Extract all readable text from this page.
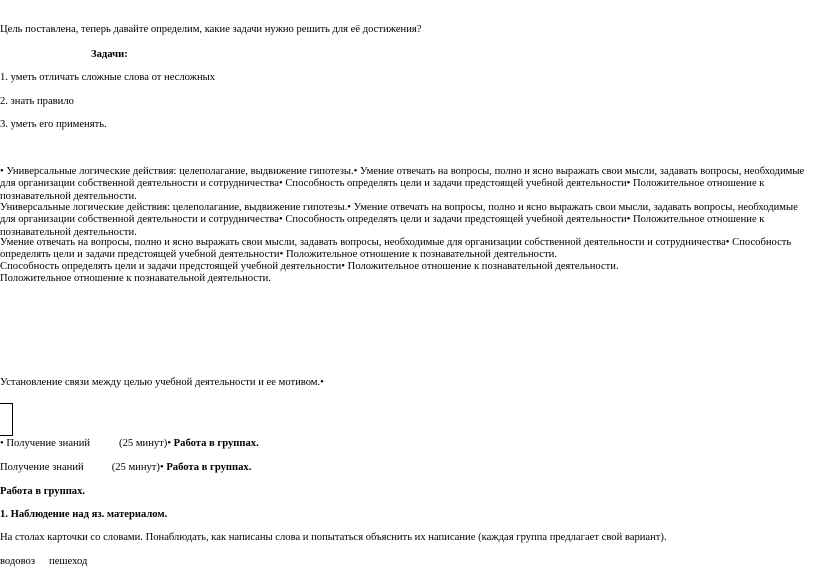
Цель поставлена, теперь давайте определим, какие задачи нужно решить для её достижения?
Задачи:
1. уметь отличать сложные слова от несложных
2. знать правило
3. уметь его применять.
• Универсальные логические действия: целеполагание, выдвижение гипотезы.• Умение отвечать на вопросы, полно и ясно выражать свои мысли, задавать вопросы, необходимые для организации собственной деятельности и сотрудничества• Способность определять цели и задачи предстоящей учебной деятельности• Положительное отношение к познавательной деятельности.
Универсальные логические действия: целеполагание, выдвижение гипотезы.• Умение отвечать на вопросы, полно и ясно выражать свои мысли, задавать вопросы, необходимые для организации собственной деятельности и сотрудничества• Способность определять цели и задачи предстоящей учебной деятельности• Положительное отношение к познавательной деятельности.
Умение отвечать на вопросы, полно и ясно выражать свои мысли, задавать вопросы, необходимые для организации собственной деятельности и сотрудничества• Способность определять цели и задачи предстоящей учебной деятельности• Положительное отношение к познавательной деятельности.
Способность определять цели и задачи предстоящей учебной деятельности• Положительное отношение к познавательной деятельности.
Положительное отношение к познавательной деятельности.
Установление связи между целью учебной деятельности и ее мотивом.•
• Получение знаний	(25 минут)• Работа в группах.
Получение знаний	(25 минут)• Работа в группах.
Работа в группах.
1. Наблюдение над яз. материалом.
На столах карточки со словами. Понаблюдать, как написаны слова и попытаться объяснить их написание (каждая группа предлагает свой вариант).
водовоз пешеход
